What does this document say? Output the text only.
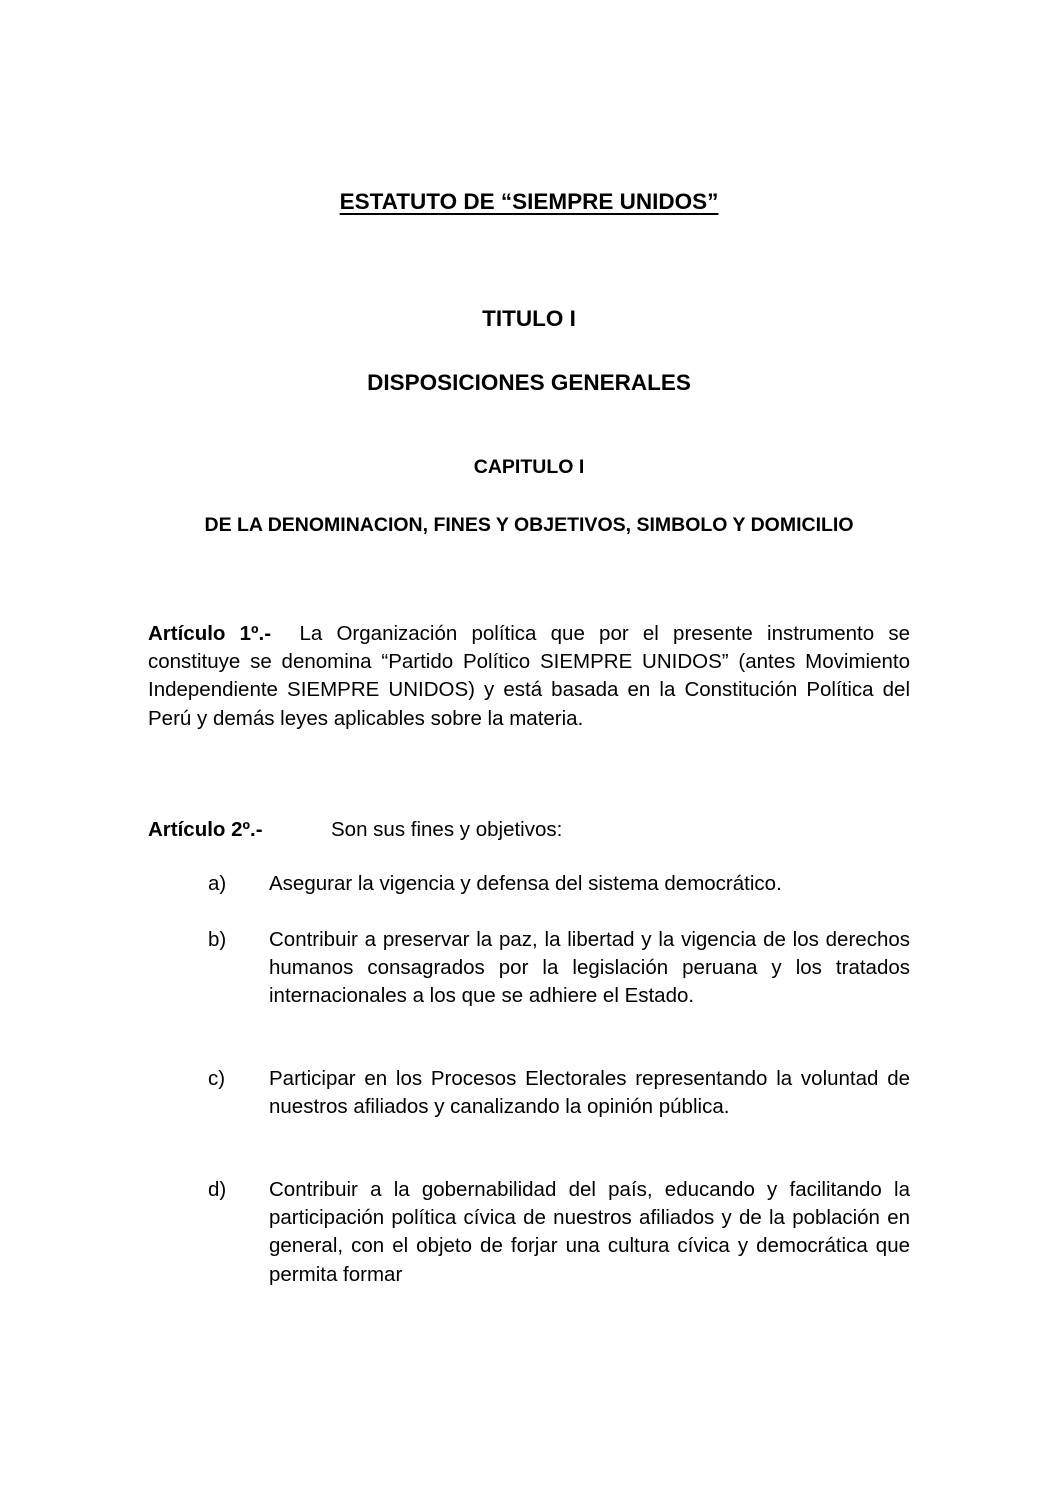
ESTATUTO DE “SIEMPRE UNIDOS”
TITULO I
DISPOSICIONES GENERALES
CAPITULO I
DE LA DENOMINACION, FINES Y OBJETIVOS, SIMBOLO Y DOMICILIO
Artículo 1º.- La Organización política que por el presente instrumento se constituye se denomina “Partido Político SIEMPRE UNIDOS” (antes Movimiento Independiente SIEMPRE UNIDOS) y está basada en la Constitución Política del Perú y demás leyes aplicables sobre la materia.
Artículo 2º.-	Son sus fines y objetivos:
a)	Asegurar la vigencia y defensa del sistema democrático.
b)	Contribuir a preservar la paz, la libertad y la vigencia de los derechos humanos consagrados por la legislación peruana y los tratados internacionales a los que se adhiere el Estado.
c)	Participar en los Procesos Electorales representando la voluntad de nuestros afiliados y canalizando la opinión pública.
d)	Contribuir a la gobernabilidad del país, educando y facilitando la participación política cívica de nuestros afiliados y de la población en general, con el objeto de forjar una cultura cívica y democrática que permita formar
